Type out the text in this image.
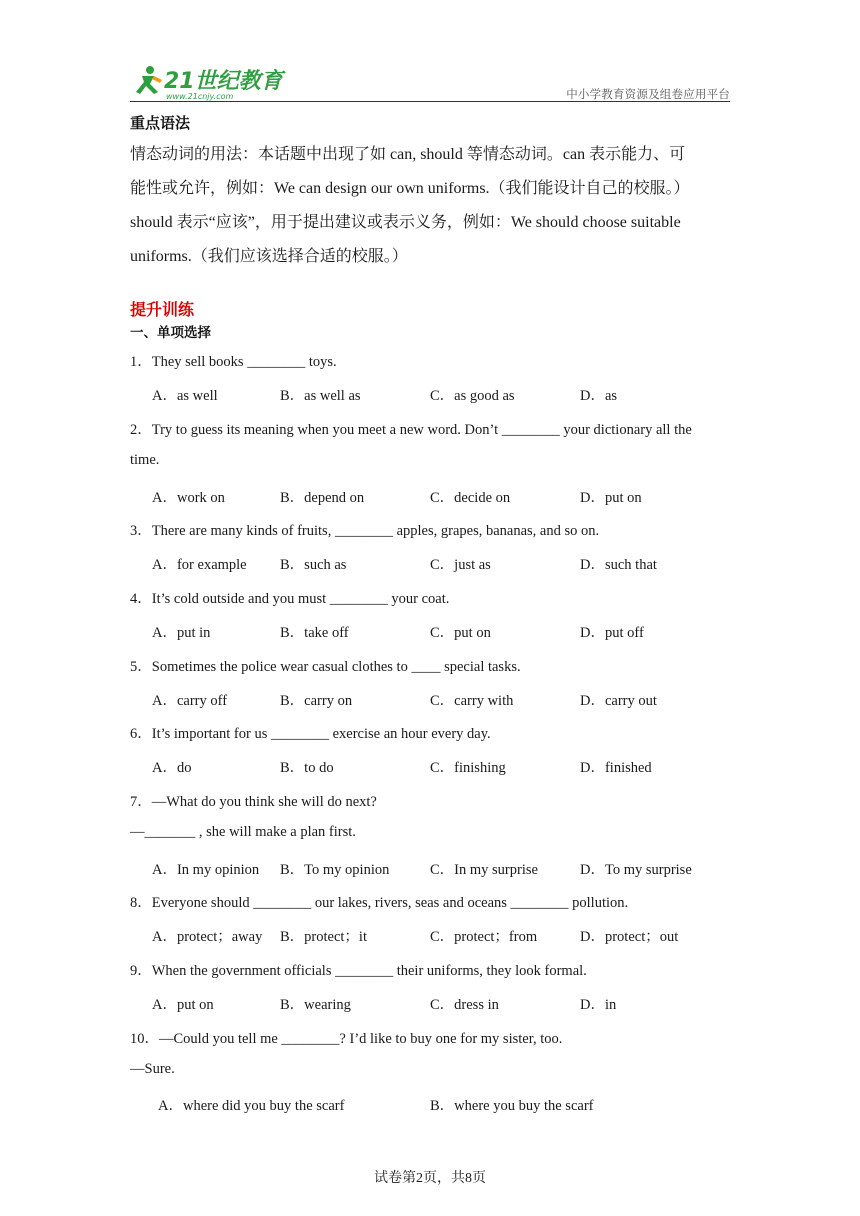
21世纪教育
www.21cnjy.com	中小学教育资源及组卷应用平台
重点语法
情态动词的用法：本话题中出现了如 can, should 等情态动词。can 表示能力、可
能性或允许，例如：We can design our own uniforms.（我们能设计自己的校服。）
should 表示“应该”，用于提出建议或表示义务，例如：We should choose suitable
uniforms.（我们应该选择合适的校服。）
提升训练
一、单项选择
1．They sell books ________ toys.
A．as well	B．as well as	C．as good as	D．as
2．Try to guess its meaning when you meet a new word. Don’t ________ your dictionary all the
time.
A．work on	B．depend on	C．decide on	D．put on
3．There are many kinds of fruits, ________ apples, grapes, bananas, and so on.
A．for example B．such as	C．just as	D．such that
4．It’s cold outside and you must ________ your coat.
A．put in	B．take off	C．put on	D．put off
5．Sometimes the police wear casual clothes to ____ special tasks.
A．carry off	B．carry on	C．carry with	D．carry out
6．It’s important for us ________ exercise an hour every day.
A．do	B．to do	C．finishing	D．finished
7．—What do you think she will do next?
—_______ , she will make a plan first.
A．In my opinion B．To my opinion	C．In my surprise	D．To my surprise
8．Everyone should ________ our lakes, rivers, seas and oceans ________ pollution.
A．protect；away B．protect；it	C．protect；from	D．protect；out
9．When the government officials ________ their uniforms, they look formal.
A．put on	B．wearing	C．dress in	D．in
10．—Could you tell me ________? I’d like to buy one for my sister, too.
—Sure.
A．where did you buy the scarf	B．where you buy the scarf
试卷第2页，共8页
